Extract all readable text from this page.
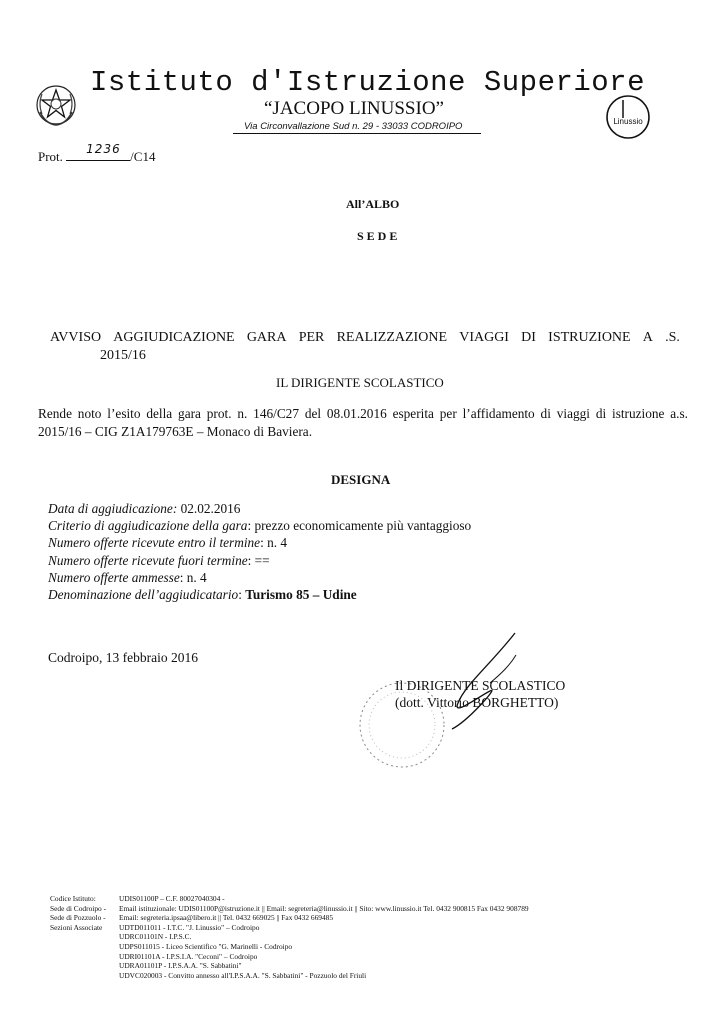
Istituto d'Istruzione Superiore
“JACOPO LINUSSIO”
Via Circonvallazione Sud n. 29 - 33033 CODROIPO	Linussio
Prot. 1236 /C14
All’ALBO
SEDE
AVVISO AGGIUDICAZIONE GARA PER REALIZZAZIONE VIAGGI DI ISTRUZIONE A .S.
2015/16
IL DIRIGENTE SCOLASTICO
Rende noto l’esito della gara prot. n. 146/C27 del 08.01.2016 esperita per l’affidamento di viaggi di istruzione a.s. 2015/16 – CIG Z1A179763E – Monaco di Baviera.
DESIGNA
Data di aggiudicazione: 02.02.2016
Criterio di aggiudicazione della gara: prezzo economicamente più vantaggioso
Numero offerte ricevute entro il termine: n. 4
Numero offerte ricevute fuori termine: ==
Numero offerte ammesse: n. 4
Denominazione dell’aggiudicatario: Turismo 85 – Udine
Codroipo, 13 febbraio 2016
Il DIRIGENTE SCOLASTICO
(dott. Vittorio BORGHETTO)
Codice Istituto:	UDIS01100P – C.F. 80027040304 -
Sede di Codroipo -	Email istituzionale: UDIS01100P@istruzione.it || Email: segreteria@linussio.it || Sito: www.linussio.it Tel. 0432 900815 Fax 0432 908789
Sede di Pozzuolo -	Email: segreteria.ipsaa@libero.it || Tel. 0432 669025 || Fax 0432 669485
Sezioni Associate	UDTD011011 - I.T.C. "J. Linussio" – Codroipo
UDRC01101N - I.P.S.C.
UDPS011015 - Liceo Scientifico "G. Marinelli - Codroipo
UDRI01101A - I.P.S.I.A. "Ceconi" – Codroipo
UDRA01101P - I.P.S.A.A. "S. Sabbatini"
UDVC020003 - Convitto annesso all'I.P.S.A.A. "S. Sabbatini" - Pozzuolo del Friuli
